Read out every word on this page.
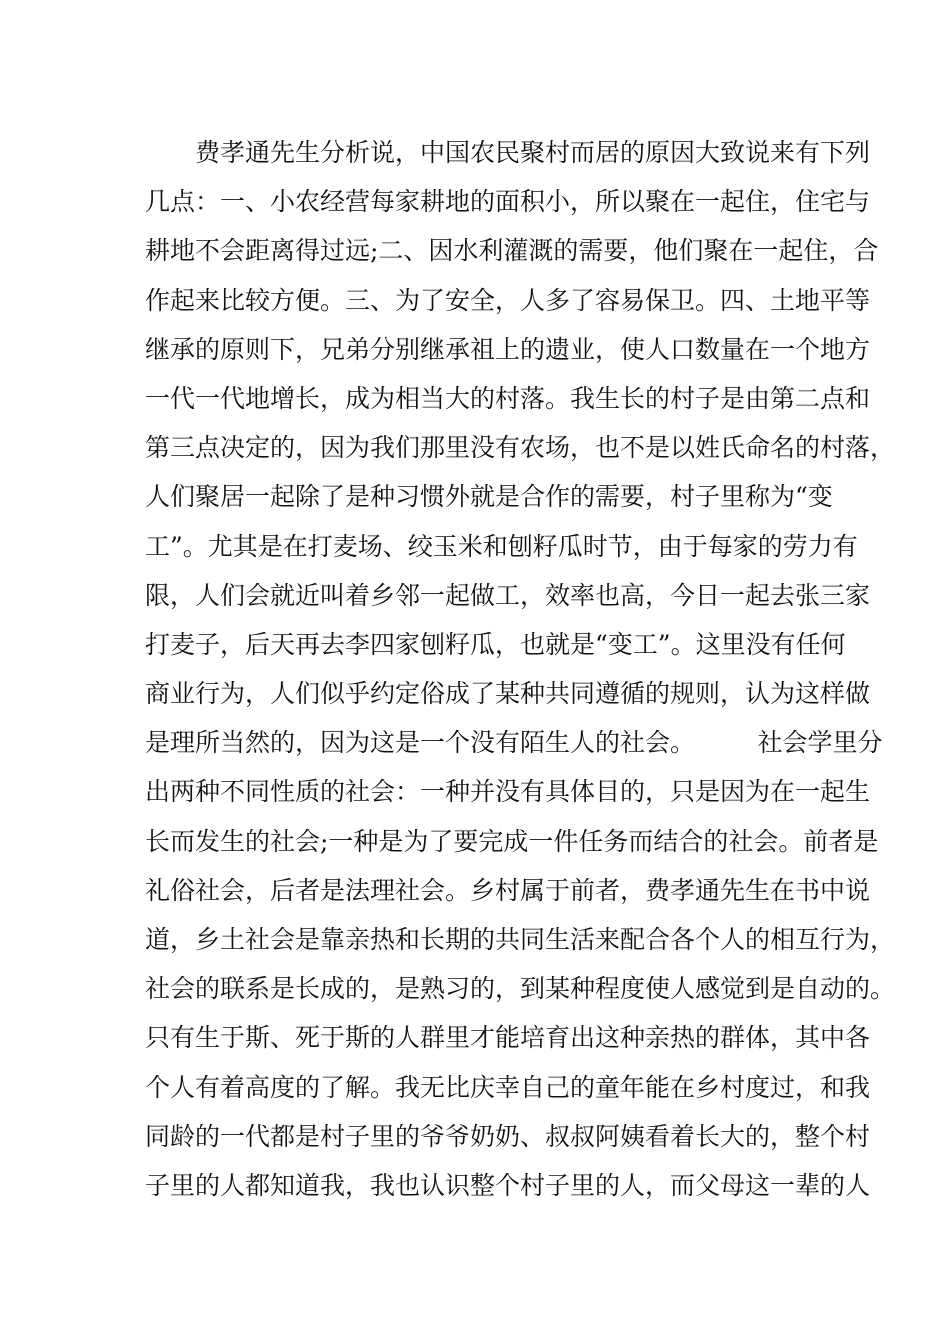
　　费孝通先生分析说，中国农民聚村而居的原因大致说来有下列
几点：一、小农经营每家耕地的面积小，所以聚在一起住，住宅与
耕地不会距离得过远;二、因水利灌溉的需要，他们聚在一起住，合
作起来比较方便。三、为了安全，人多了容易保卫。四、土地平等
继承的原则下，兄弟分别继承祖上的遗业，使人口数量在一个地方
一代一代地增长，成为相当大的村落。我生长的村子是由第二点和
第三点决定的，因为我们那里没有农场，也不是以姓氏命名的村落，
人们聚居一起除了是种习惯外就是合作的需要，村子里称为“变
工”。尤其是在打麦场、绞玉米和刨籽瓜时节，由于每家的劳力有
限，人们会就近叫着乡邻一起做工，效率也高，今日一起去张三家
打麦子，后天再去李四家刨籽瓜，也就是“变工”。这里没有任何
商业行为，人们似乎约定俗成了某种共同遵循的规则，认为这样做
是理所当然的，因为这是一个没有陌生人的社会。　　　社会学里分
出两种不同性质的社会：一种并没有具体目的，只是因为在一起生
长而发生的社会;一种是为了要完成一件任务而结合的社会。前者是
礼俗社会，后者是法理社会。乡村属于前者，费孝通先生在书中说
道，乡土社会是靠亲热和长期的共同生活来配合各个人的相互行为，
社会的联系是长成的，是熟习的，到某种程度使人感觉到是自动的。
只有生于斯、死于斯的人群里才能培育出这种亲热的群体，其中各
个人有着高度的了解。我无比庆幸自己的童年能在乡村度过，和我
同龄的一代都是村子里的爷爷奶奶、叔叔阿姨看着长大的，整个村
子里的人都知道我，我也认识整个村子里的人，而父母这一辈的人
